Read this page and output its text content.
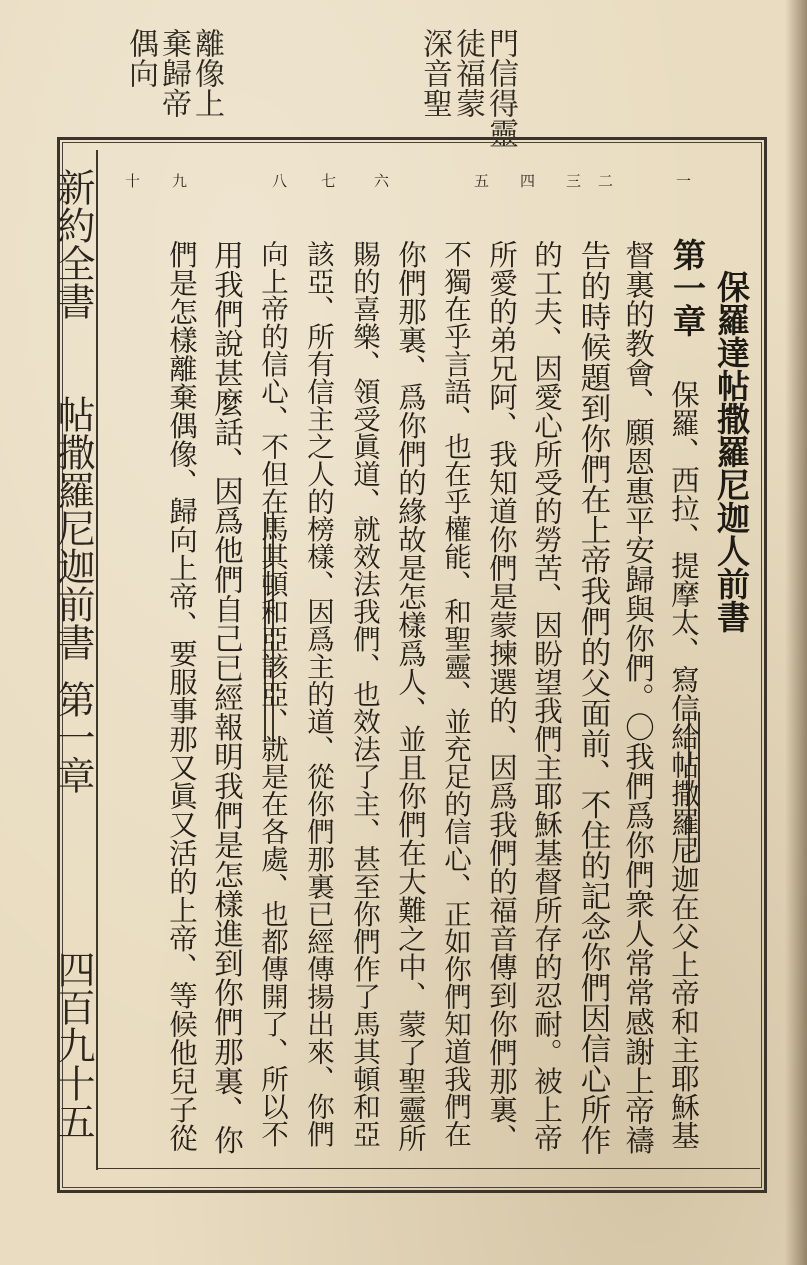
門信得靈
徒福蒙
深音聖
離像上
棄歸帝
偶向
新約全書
帖撒羅尼迦前書
第一章
四百九十五
一
二
三
四
五
六
七
八
九
十
保羅達帖撒羅尼迦人前書
第一章
保羅、西拉、提摩太、寫信給帖撒羅尼迦在父上帝和主耶穌基
督裏的教會、願恩惠平安歸與你們。〇我們爲你們衆人常常感謝上帝禱
告的時候題到你們在上帝我們的父面前、不住的記念你們因信心所作
的工夫、因愛心所受的勞苦、因盼望我們主耶穌基督所存的忍耐。被上帝
所愛的弟兄阿、我知道你們是蒙揀選的、因爲我們的福音傳到你們那裏、
不獨在乎言語、也在乎權能、和聖靈、並充足的信心、正如你們知道我們在
你們那裏、爲你們的緣故是怎樣爲人、並且你們在大難之中、蒙了聖靈所
賜的喜樂、領受眞道、就效法我們、也效法了主、甚至你們作了馬其頓和亞
該亞、所有信主之人的榜樣、因爲主的道、從你們那裏已經傳揚出來、你們
向上帝的信心、不但在馬其頓和亞該亞、就是在各處、也都傳開了、所以不
用我們說甚麼話、因爲他們自己已經報明我們是怎樣進到你們那裏、你
們是怎樣離棄偶像、歸向上帝、要服事那又眞又活的上帝、等候他兒子從
